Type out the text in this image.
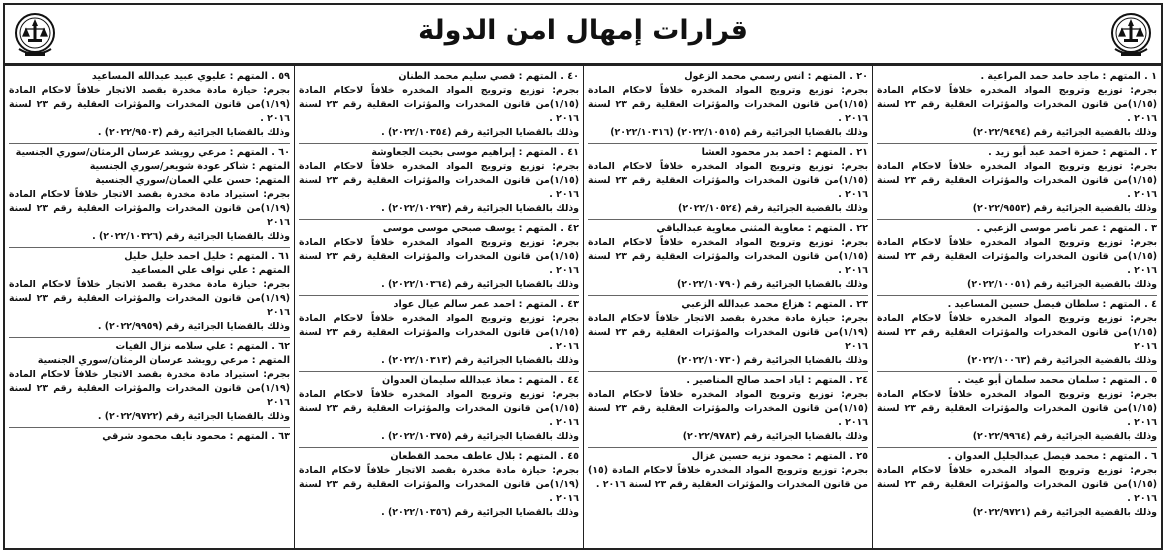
قرارات إمهال امن الدولة
١ . المتهم : ماجد حامد حمد المراعية .
بجرم: توزيع وترويج المواد المخدره خلافاً لاحكام المادة (١/١٥)من قانون المخدرات والمؤثرات العقلية رقم ٢٣ لسنة ٢٠١٦ .
وذلك بالقضية الجزائية رقم (٢٠٢٢/٩٤٩٤)
٢ . المتهم : حمزة احمد عبد أبو زيد .
بجرم: توزيع وترويج المواد المخدره خلافاً لاحكام المادة (١/١٥)من قانون المخدرات والمؤثرات العقلية رقم ٢٣ لسنة ٢٠١٦ .
وذلك بالقضية الجزائية رقم (٢٠٢٢/٩٥٥٣)
٣ . المتهم : عمر ناصر موسى الزعبي .
بجرم: توزيع وترويج المواد المخدره خلافاً لاحكام المادة (١/١٥)من قانون المخدرات والمؤثرات العقلية رقم ٢٣ لسنة ٢٠١٦ .
وذلك بالقضية الجزائية رقم (٢٠٢٢/١٠٠٥١)
٤ . المتهم : سلطان فيصل حسين المساعيد .
بجرم: توزيع وترويج المواد المخدره خلافاً لاحكام المادة (١/١٥)من قانون المخدرات والمؤثرات العقلية رقم ٢٣ لسنة ٢٠١٦
وذلك بالقضية الجزائية رقم (٢٠٢٢/١٠٠٦٣)
٥ . المتهم : سلمان محمد سلمان أبو غيث .
بجرم: توزيع وترويج المواد المخدره خلافاً لاحكام المادة (١/١٥)من قانون المخدرات والمؤثرات العقلية رقم ٢٣ لسنة ٢٠١٦ .
وذلك بالقضية الجزائية رقم (٢٠٢٢/٩٩٦٤)
٦ . المتهم : محمد فيصل عبدالجليل العدوان .
بجرم: توزيع وترويج المواد المخدره خلافاً لاحكام المادة (١/١٥)من قانون المخدرات والمؤثرات العقلية رقم ٢٣ لسنة ٢٠١٦ .
وذلك بالقضية الجزائية رقم (٢٠٢٢/٩٧٢١)
٢٠ . المتهم : انس رسمي محمد الزغول
بجرم: توزيع وترويج المواد المخدره خلافاً لاحكام المادة (١/١٥)من قانون المخدرات والمؤثرات العقلية رقم ٢٣ لسنة ٢٠١٦ .
وذلك بالقضايا الجزائية رقم (٢٠٢٢/١٠٥١٥) (٢٠٢٢/١٠٣١٦)
٢١ . المتهم : احمد بدر محمود العشا
بجرم: توزيع وترويج المواد المخدره خلافاً لاحكام المادة (١/١٥)من قانون المخدرات والمؤثرات العقلية رقم ٢٣ لسنة ٢٠١٦ .
وذلك بالقضية الجزائية رقم (٢٠٢٢/١٠٥٢٤)
٢٢ . المتهم : معاوية المثنى معاوية عبدالباقي
بجرم: توزيع وترويج المواد المخدره خلافاً لاحكام المادة (١/١٥)من قانون المخدرات والمؤثرات العقلية رقم ٢٣ لسنة ٢٠١٦ .
وذلك بالقضايا الجزائية رقم (٢٠٢٢/١٠٧٩٠)
٢٣ . المتهم : هزاع محمد عبدالله الزعبي
بجرم: حيازة مادة مخدرة بقصد الاتجار خلافاً لاحكام المادة (١/١٩)من قانون المخدرات والمؤثرات العقلية رقم ٢٣ لسنة ٢٠١٦
وذلك بالقضايا الجزائية رقم (٢٠٢٢/١٠٧٣٠)
٢٤ . المتهم : اياد احمد صالح المناصير .
بجرم: توزيع وترويج المواد المخدره خلافاً لاحكام المادة (١/١٥)من قانون المخدرات والمؤثرات العقلية رقم ٢٣ لسنة ٢٠١٦ .
وذلك بالقضايا الجزائية رقم (٢٠٢٢/٩٧٨٣)
٢٥ . المتهم : محمود نزيه حسين غزال
بجرم: توزيع وترويج المواد المخدره خلافاً لاحكام المادة (١٥) من قانون المخدرات والمؤثرات العقلية رقم ٢٣ لسنة ٢٠١٦ .
٤٠ . المتهم : قصي سليم محمد الطنان
بجرم: توزيع وترويج المواد المخدره خلافاً لاحكام المادة (١/١٥)من قانون المخدرات والمؤثرات العقلية رقم ٢٣ لسنة ٢٠١٦ .
وذلك بالقضايا الجزائية رقم (٢٠٢٢/١٠٣٥٤) .
٤١ . المتهم : إبراهيم موسى بخيت الجعاوشة
بجرم: توزيع وترويج المواد المخدره خلافاً لاحكام المادة (١/١٥)من قانون المخدرات والمؤثرات العقلية رقم ٢٣ لسنة ٢٠١٦ .
وذلك بالقضايا الجزائية رقم (٢٠٢٢/١٠٢٩٣) .
٤٢ . المتهم : يوسف صبحي موسى موسى
بجرم: توزيع وترويج المواد المخدره خلافاً لاحكام المادة (١/١٥)من قانون المخدرات والمؤثرات العقلية رقم ٢٣ لسنة ٢٠١٦ .
وذلك بالقضايا الجزائية رقم (٢٠٢٢/١٠٣٦٤) .
٤٣ . المتهم : احمد عمر سالم عيال عواد
بجرم: توزيع وترويج المواد المخدره خلافاً لاحكام المادة (١/١٥)من قانون المخدرات والمؤثرات العقلية رقم ٢٣ لسنة ٢٠١٦ .
وذلك بالقضايا الجزائية رقم (٢٠٢٢/١٠٣١٣) .
٤٤ . المتهم : معاذ عبدالله سليمان العدوان
بجرم: توزيع وترويج المواد المخدره خلافاً لاحكام المادة (١/١٥)من قانون المخدرات والمؤثرات العقلية رقم ٢٣ لسنة ٢٠١٦ .
وذلك بالقضايا الجزائية رقم (٢٠٢٢/١٠٣٧٥) .
٤٥ . المتهم : بلال عاطف محمد القطعان
بجرم: حيازة مادة مخدرة بقصد الاتجار خلافاً لاحكام المادة (١/١٩)من قانون المخدرات والمؤثرات العقلية رقم ٢٣ لسنة ٢٠١٦ .
وذلك بالقضايا الجزائية رقم (٢٠٢٢/١٠٣٥٦) .
٥٩ . المتهم : عليوي عبيد عبدالله المساعيد
بجرم: حيازة مادة مخدرة بقصد الاتجار خلافاً لاحكام المادة (١/١٩)من قانون المخدرات والمؤثرات العقلية رقم ٢٣ لسنة ٢٠١٦ .
وذلك بالقضايا الجزائية رقم (٢٠٢٢/٩٥٠٣) .
٦٠ . المتهم : مرعي رويشد عرسان الرمثان/سوري الجنسية
المتهم : شاكر عودة شويعر/سوري الجنسية
المتهم: حسن علي العمان/سوري الجنسية
بجرم: استيراد مادة مخدرة بقصد الاتجار خلافاً لاحكام المادة (١/١٩)من قانون المخدرات والمؤثرات العقلية رقم ٢٣ لسنة ٢٠١٦
وذلك بالقضايا الجزائية رقم (٢٠٢٢/١٠٣٢٦) .
٦١ . المتهم : خليل احمد خليل خليل
المتهم : علي نواف علي المساعيد
بجرم: حيازة مادة مخدرة بقصد الاتجار خلافاً لاحكام المادة (١/١٩)من قانون المخدرات والمؤثرات العقلية رقم ٢٣ لسنة ٢٠١٦
وذلك بالقضايا الجزائية رقم (٢٠٢٢/٩٩٥٩) .
٦٢ . المتهم : علي سلامه نزال الفيات
المتهم : مرعي رويشد عرسان الرمثان/سوري الجنسية
بجرم: استيراد مادة مخدرة بقصد الاتجار خلافاً لاحكام المادة (١/١٩)من قانون المخدرات والمؤثرات العقلية رقم ٢٣ لسنة ٢٠١٦
وذلك بالقضايا الجزائية رقم (٢٠٢٢/٩٧٢٢) .
٦٣ . المتهم : محمود نايف محمود شرقي
